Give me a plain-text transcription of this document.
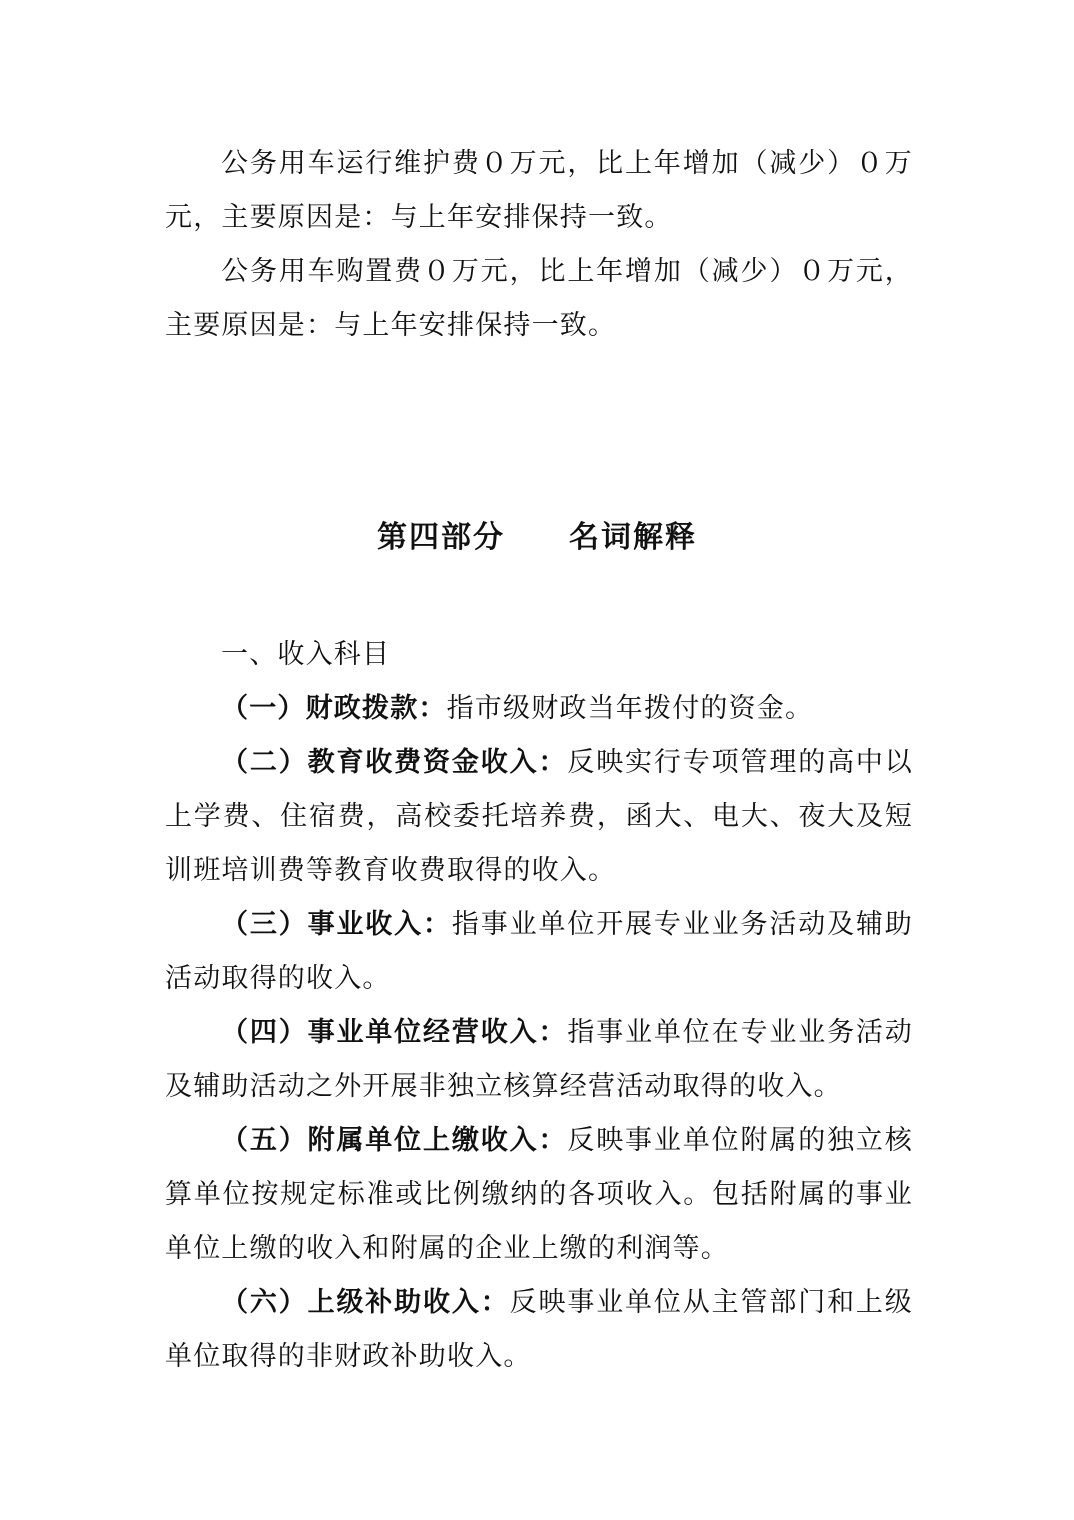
公务用车运行维护费０万元，比上年增加（减少）０万元，主要原因是：与上年安排保持一致。

公务用车购置费０万元，比上年增加（减少）０万元，主要原因是：与上年安排保持一致。

第四部分　　名词解释

一、收入科目

（一）财政拨款：指市级财政当年拨付的资金。

（二）教育收费资金收入：反映实行专项管理的高中以上学费、住宿费，高校委托培养费，函大、电大、夜大及短训班培训费等教育收费取得的收入。

（三）事业收入：指事业单位开展专业业务活动及辅助活动取得的收入。

（四）事业单位经营收入：指事业单位在专业业务活动及辅助活动之外开展非独立核算经营活动取得的收入。

（五）附属单位上缴收入：反映事业单位附属的独立核算单位按规定标准或比例缴纳的各项收入。包括附属的事业单位上缴的收入和附属的企业上缴的利润等。

（六）上级补助收入：反映事业单位从主管部门和上级单位取得的非财政补助收入。
